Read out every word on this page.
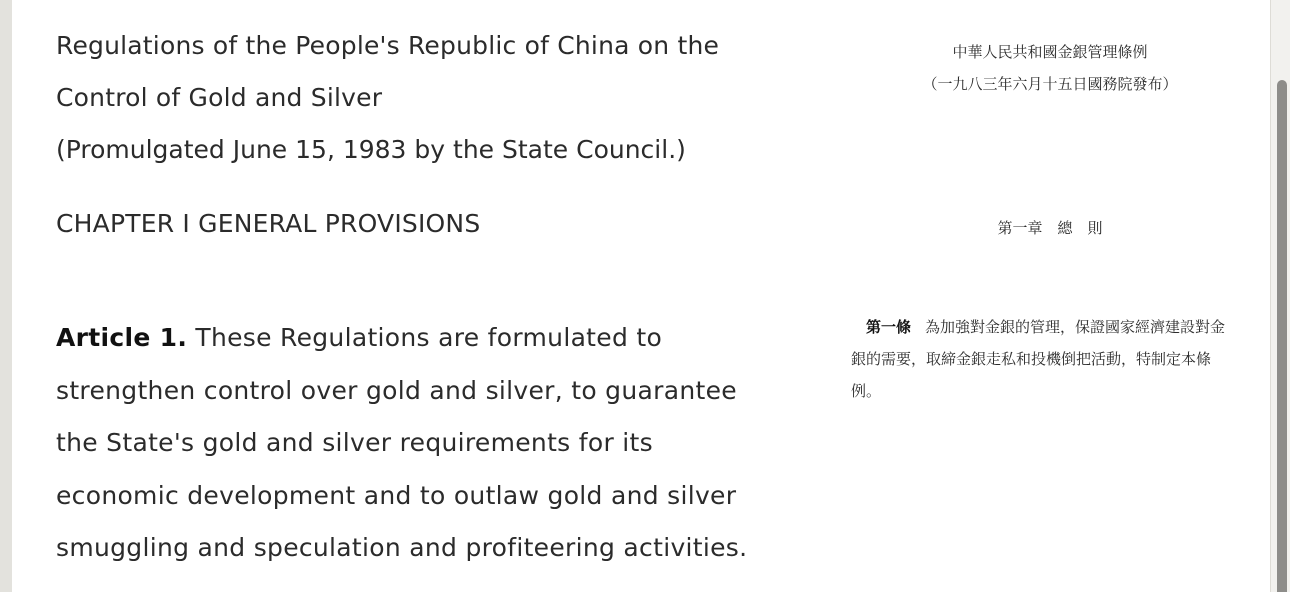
Regulations of the People's Republic of China on the
Control of Gold and Silver

(Promulgated June 15, 1983 by the State Council.)

CHAPTER I GENERAL PROVISIONS

Article 1. These Regulations are formulated to strengthen control over gold and silver, to guarantee the State's gold and silver requirements for its economic development and to outlaw gold and silver smuggling and speculation and profiteering activities.

中華人民共和國金銀管理條例
（一九八三年六月十五日國務院發布）

第一章　總　則

第一條 為加強對金銀的管理，保證國家經濟建設對金銀的需要，取締金銀走私和投機倒把活動，特制定本條例。
